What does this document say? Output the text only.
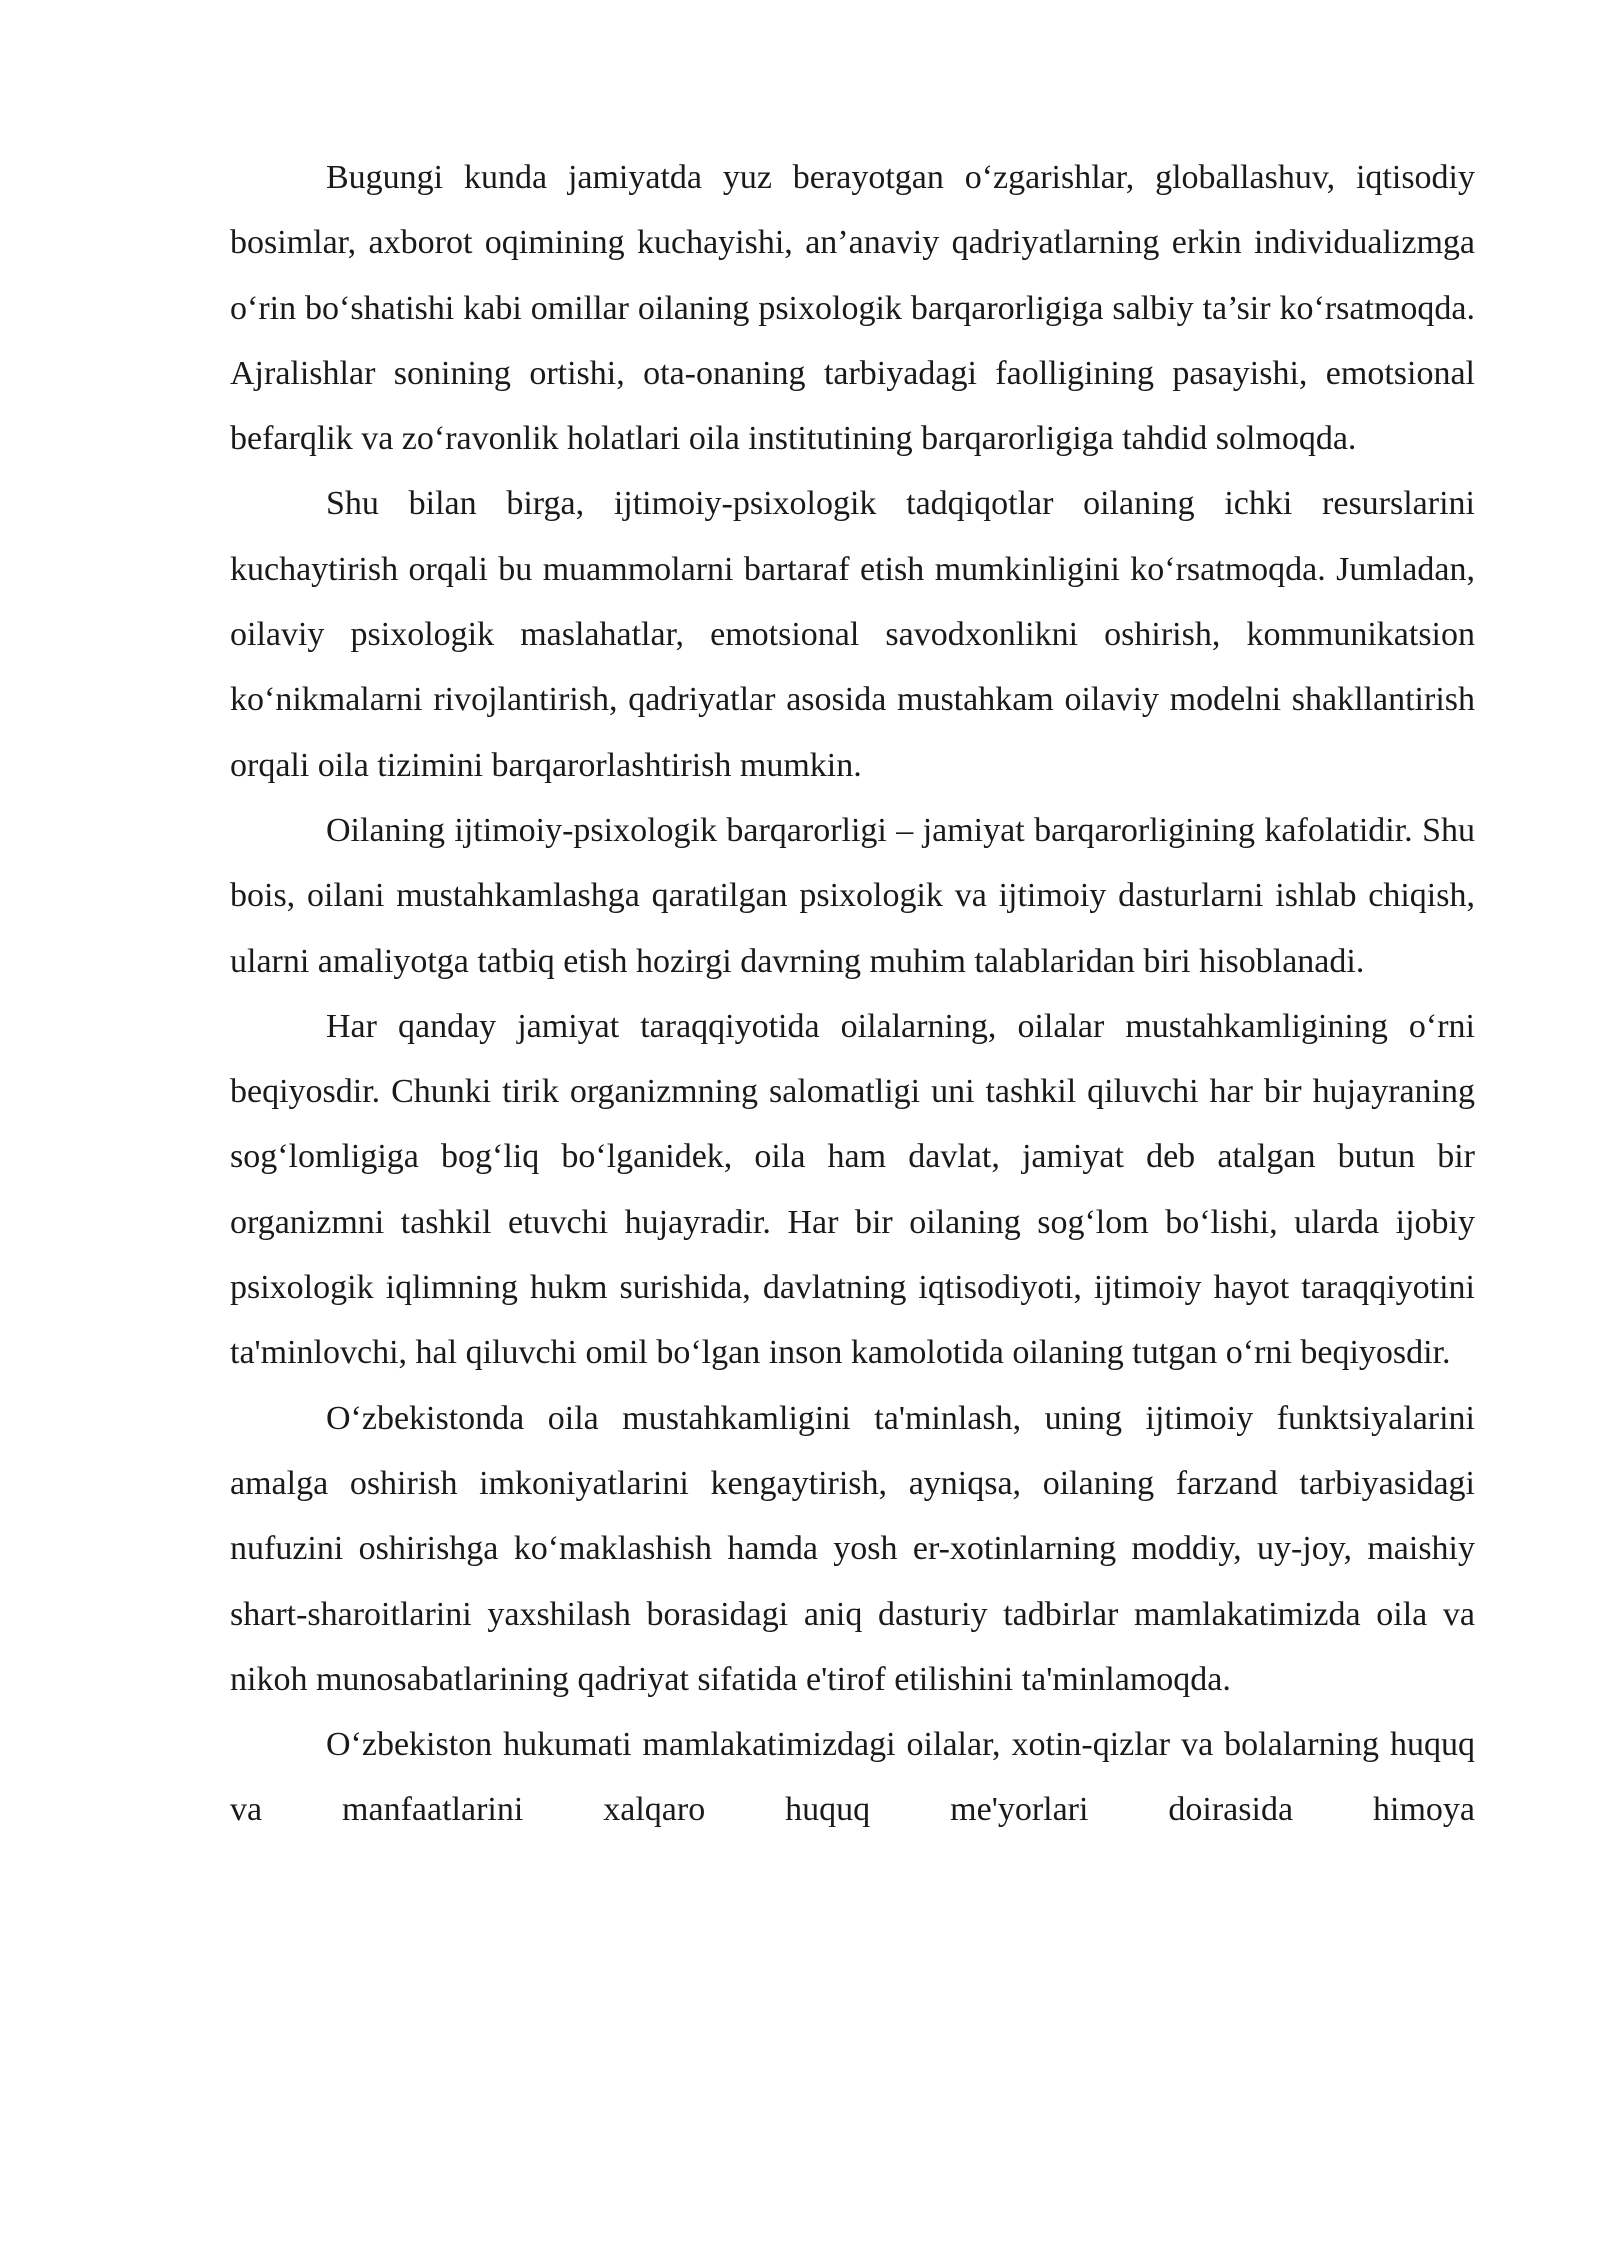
Bugungi kunda jamiyatda yuz berayotgan o‘zgarishlar, globallashuv, iqtisodiy bosimlar, axborot oqimining kuchayishi, an’anaviy qadriyatlarning erkin individualizmga o‘rin bo‘shatishi kabi omillar oilaning psixologik barqarorligiga salbiy ta’sir ko‘rsatmoqda. Ajralishlar sonining ortishi, ota-onaning tarbiyadagi faolligining pasayishi, emotsional befarqlik va zo‘ravonlik holatlari oila institutining barqarorligiga tahdid solmoqda.

Shu bilan birga, ijtimoiy-psixologik tadqiqotlar oilaning ichki resurslarini kuchaytirish orqali bu muammolarni bartaraf etish mumkinligini ko‘rsatmoqda. Jumladan, oilaviy psixologik maslahatlar, emotsional savodxonlikni oshirish, kommunikatsion ko‘nikmalarni rivojlantirish, qadriyatlar asosida mustahkam oilaviy modelni shakllantirish orqali oila tizimini barqarorlashtirish mumkin.

Oilaning ijtimoiy-psixologik barqarorligi – jamiyat barqarorligining kafolatidir. Shu bois, oilani mustahkamlashga qaratilgan psixologik va ijtimoiy dasturlarni ishlab chiqish, ularni amaliyotga tatbiq etish hozirgi davrning muhim talablaridan biri hisoblanadi.

Har qanday jamiyat taraqqiyotida oilalarning, oilalar mustahkamligining o‘rni beqiyosdir. Chunki tirik organizmning salomatligi uni tashkil qiluvchi har bir hujayraning sog‘lomligiga bog‘liq bo‘lganidek, oila ham davlat, jamiyat deb atalgan butun bir organizmni tashkil etuvchi hujayradir. Har bir oilaning sog‘lom bo‘lishi, ularda ijobiy psixologik iqlimning hukm surishida, davlatning iqtisodiyoti, ijtimoiy hayot taraqqiyotini ta'minlovchi, hal qiluvchi omil bo‘lgan inson kamolotida oilaning tutgan o‘rni beqiyosdir.

O‘zbekistonda oila mustahkamligini ta'minlash, uning ijtimoiy funktsiyalarini amalga oshirish imkoniyatlarini kengaytirish, ayniqsa, oilaning farzand tarbiyasidagi nufuzini oshirishga ko‘maklashish hamda yosh er-xotinlarning moddiy, uy-joy, maishiy shart-sharoitlarini yaxshilash borasidagi aniq dasturiy tadbirlar mamlakatimizda oila va nikoh munosabatlarining qadriyat sifatida e'tirof etilishini ta'minlamoqda.

O‘zbekiston hukumati mamlakatimizdagi oilalar, xotin-qizlar va bolalarning huquq va manfaatlarini xalqaro huquq me'yorlari doirasida himoya
